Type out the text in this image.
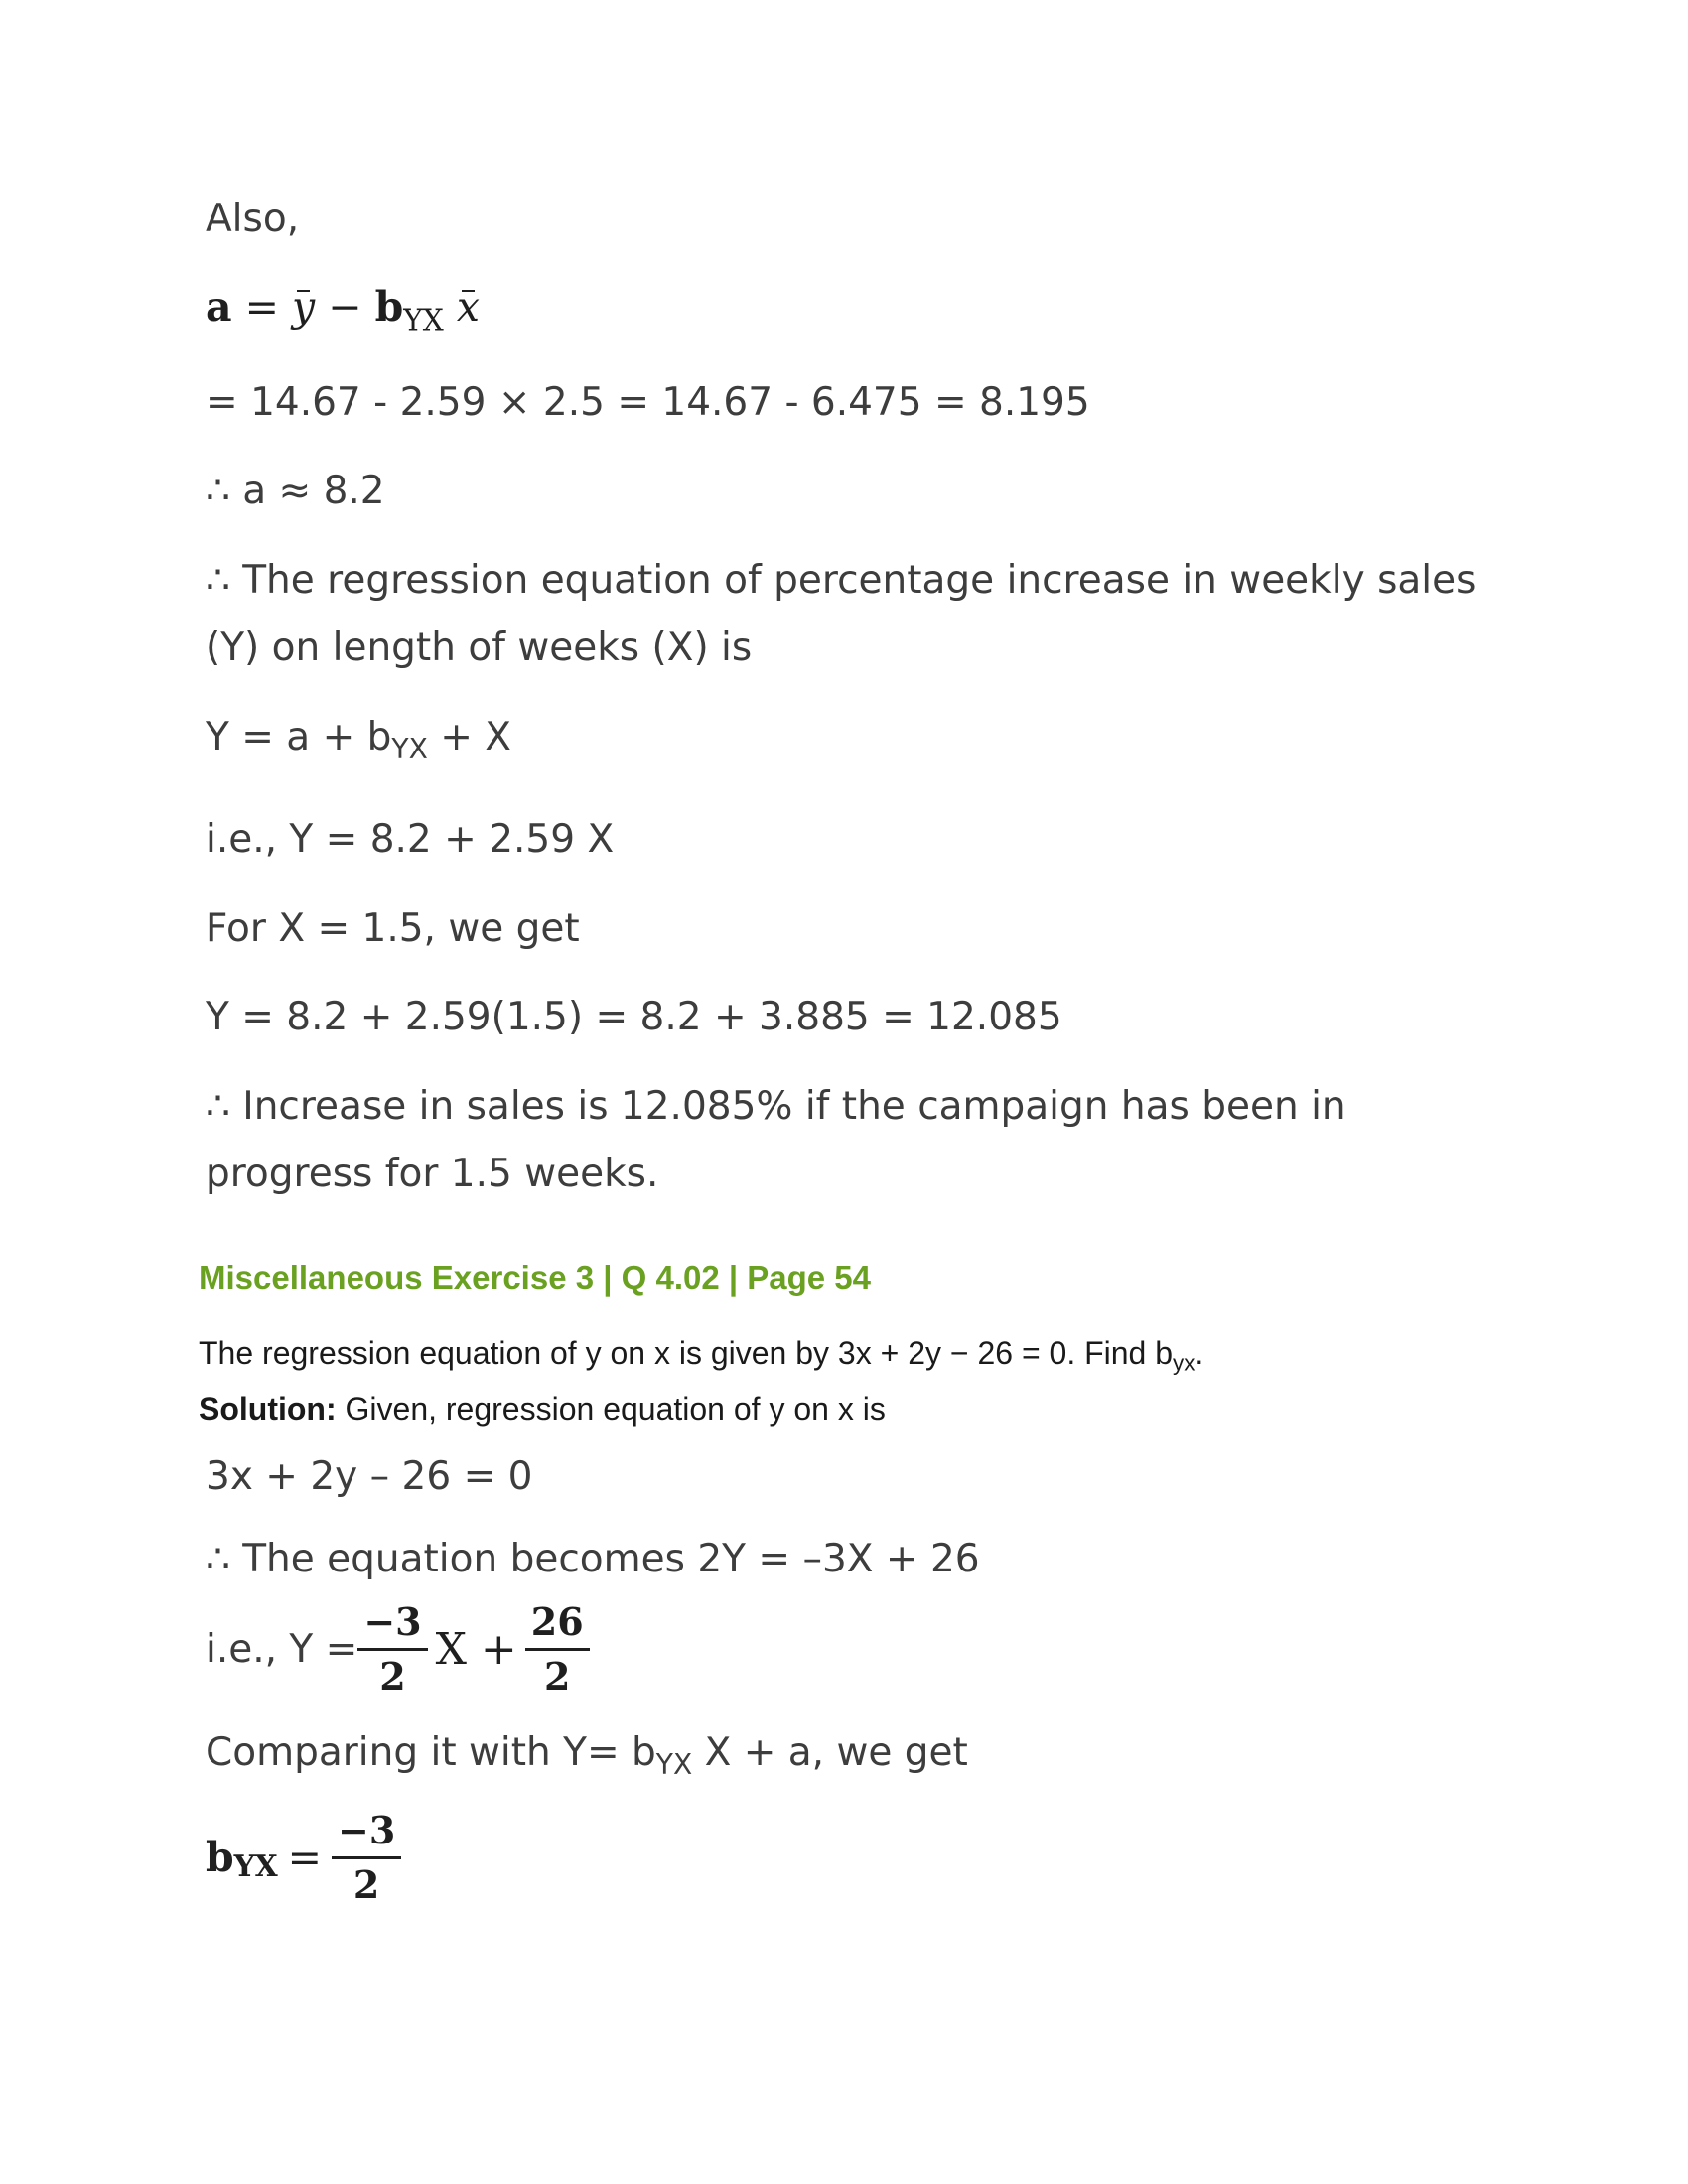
Also,
$a = y - b_{YX}$ x
= 14.67 - 2.59 × 2.5 = 14.67 - 6.475 = 8.195
∴ a ≈ 8.2
∴ The regression equation of percentage increase in weekly sales
(Y) on length of weeks (X) is
$Y = a + b_{YX} + X$
i.e., Y = 8.2 + 2.59 X
For X = 1.5, we get
Y = 8.2 + 2.59(1.5) = 8.2 + 3.885 = 12.085
∴ Increase in sales is 12.085% if the campaign has been in
progress for 1.5 weeks.
Miscellaneous Exercise 3 | Q 4.02 | Page 54
The regression equation of y on x is given by 3x + 2y − 26 = 0. Find $b_{yx}$.
Solution: Given, regression equation of y on x is
3x + 2y – 26 = 0
∴ The equation becomes 2Y = –3X + 26
i.e., $Y = \frac{-3}{2}$ $X + \frac{26}{2}$
Comparing it with $Y= b_{YX}$ X + a, we get
b YX = $\frac{-3}{2}$
